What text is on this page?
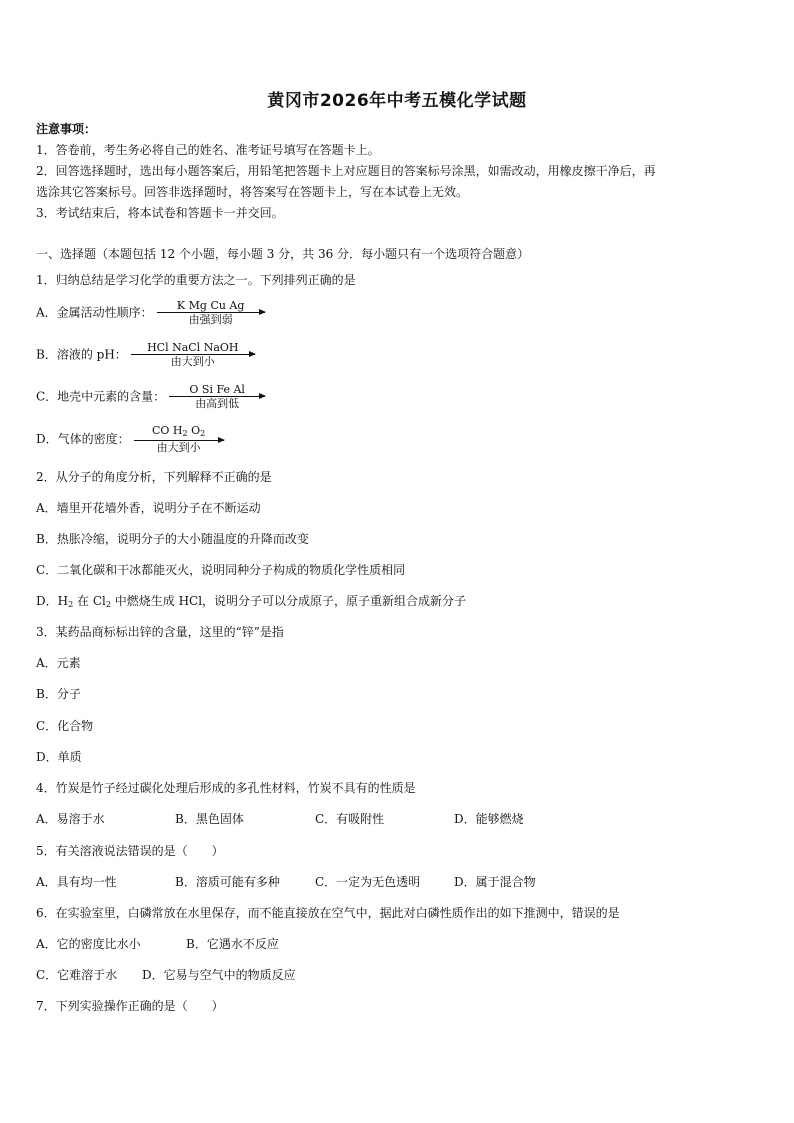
黄冈市2026年中考五模化学试题
注意事项：
1．答卷前，考生务必将自己的姓名、准考证号填写在答题卡上。
2．回答选择题时，选出每小题答案后，用铅笔把答题卡上对应题目的答案标号涂黑，如需改动，用橡皮擦干净后，再
选涂其它答案标号。回答非选择题时，将答案写在答题卡上，写在本试卷上无效。
3．考试结束后，将本试卷和答题卡一并交回。
一、选择题（本题包括 12 个小题，每小题 3 分，共 36 分．每小题只有一个选项符合题意）
1．归纳总结是学习化学的重要方法之一。下列排列正确的是
A．金属活动性顺序：	K Mg Cu Ag
由强到弱
B．溶液的 pH：	HCl NaCl NaOH
由大到小
C．地壳中元素的含量：	O Si Fe Al
由高到低
D．气体的密度：
CO $H_2$ $O_2$
由大到小
2．从分子的角度分析，下列解释不正确的是
A．墙里开花墙外香，说明分子在不断运动
B．热胀冷缩，说明分子的大小随温度的升降而改变
C．二氧化碳和干冰都能灭火，说明同种分子构成的物质化学性质相同
D．$H_2$ 在 $Cl_2$ 中燃烧生成 HCl，说明分子可以分成原子，原子重新组合成新分子
3．某药品商标标出锌的含量，这里的“锌”是指
A．元素
B．分子
C．化合物
D．单质
4．竹炭是竹子经过碳化处理后形成的多孔性材料，竹炭不具有的性质是
A．易溶于水	B．黑色固体	C．有吸附性	D．能够燃烧
5．有关溶液说法错误的是（　　）
A．具有均一性	B．溶质可能有多种	C．一定为无色透明	D．属于混合物
6．在实验室里，白磷常放在水里保存，而不能直接放在空气中，据此对白磷性质作出的如下推测中，错误的是
A．它的密度比水小	B．它遇水不反应
C．它难溶于水 D．它易与空气中的物质反应
7．下列实验操作正确的是（　　）
